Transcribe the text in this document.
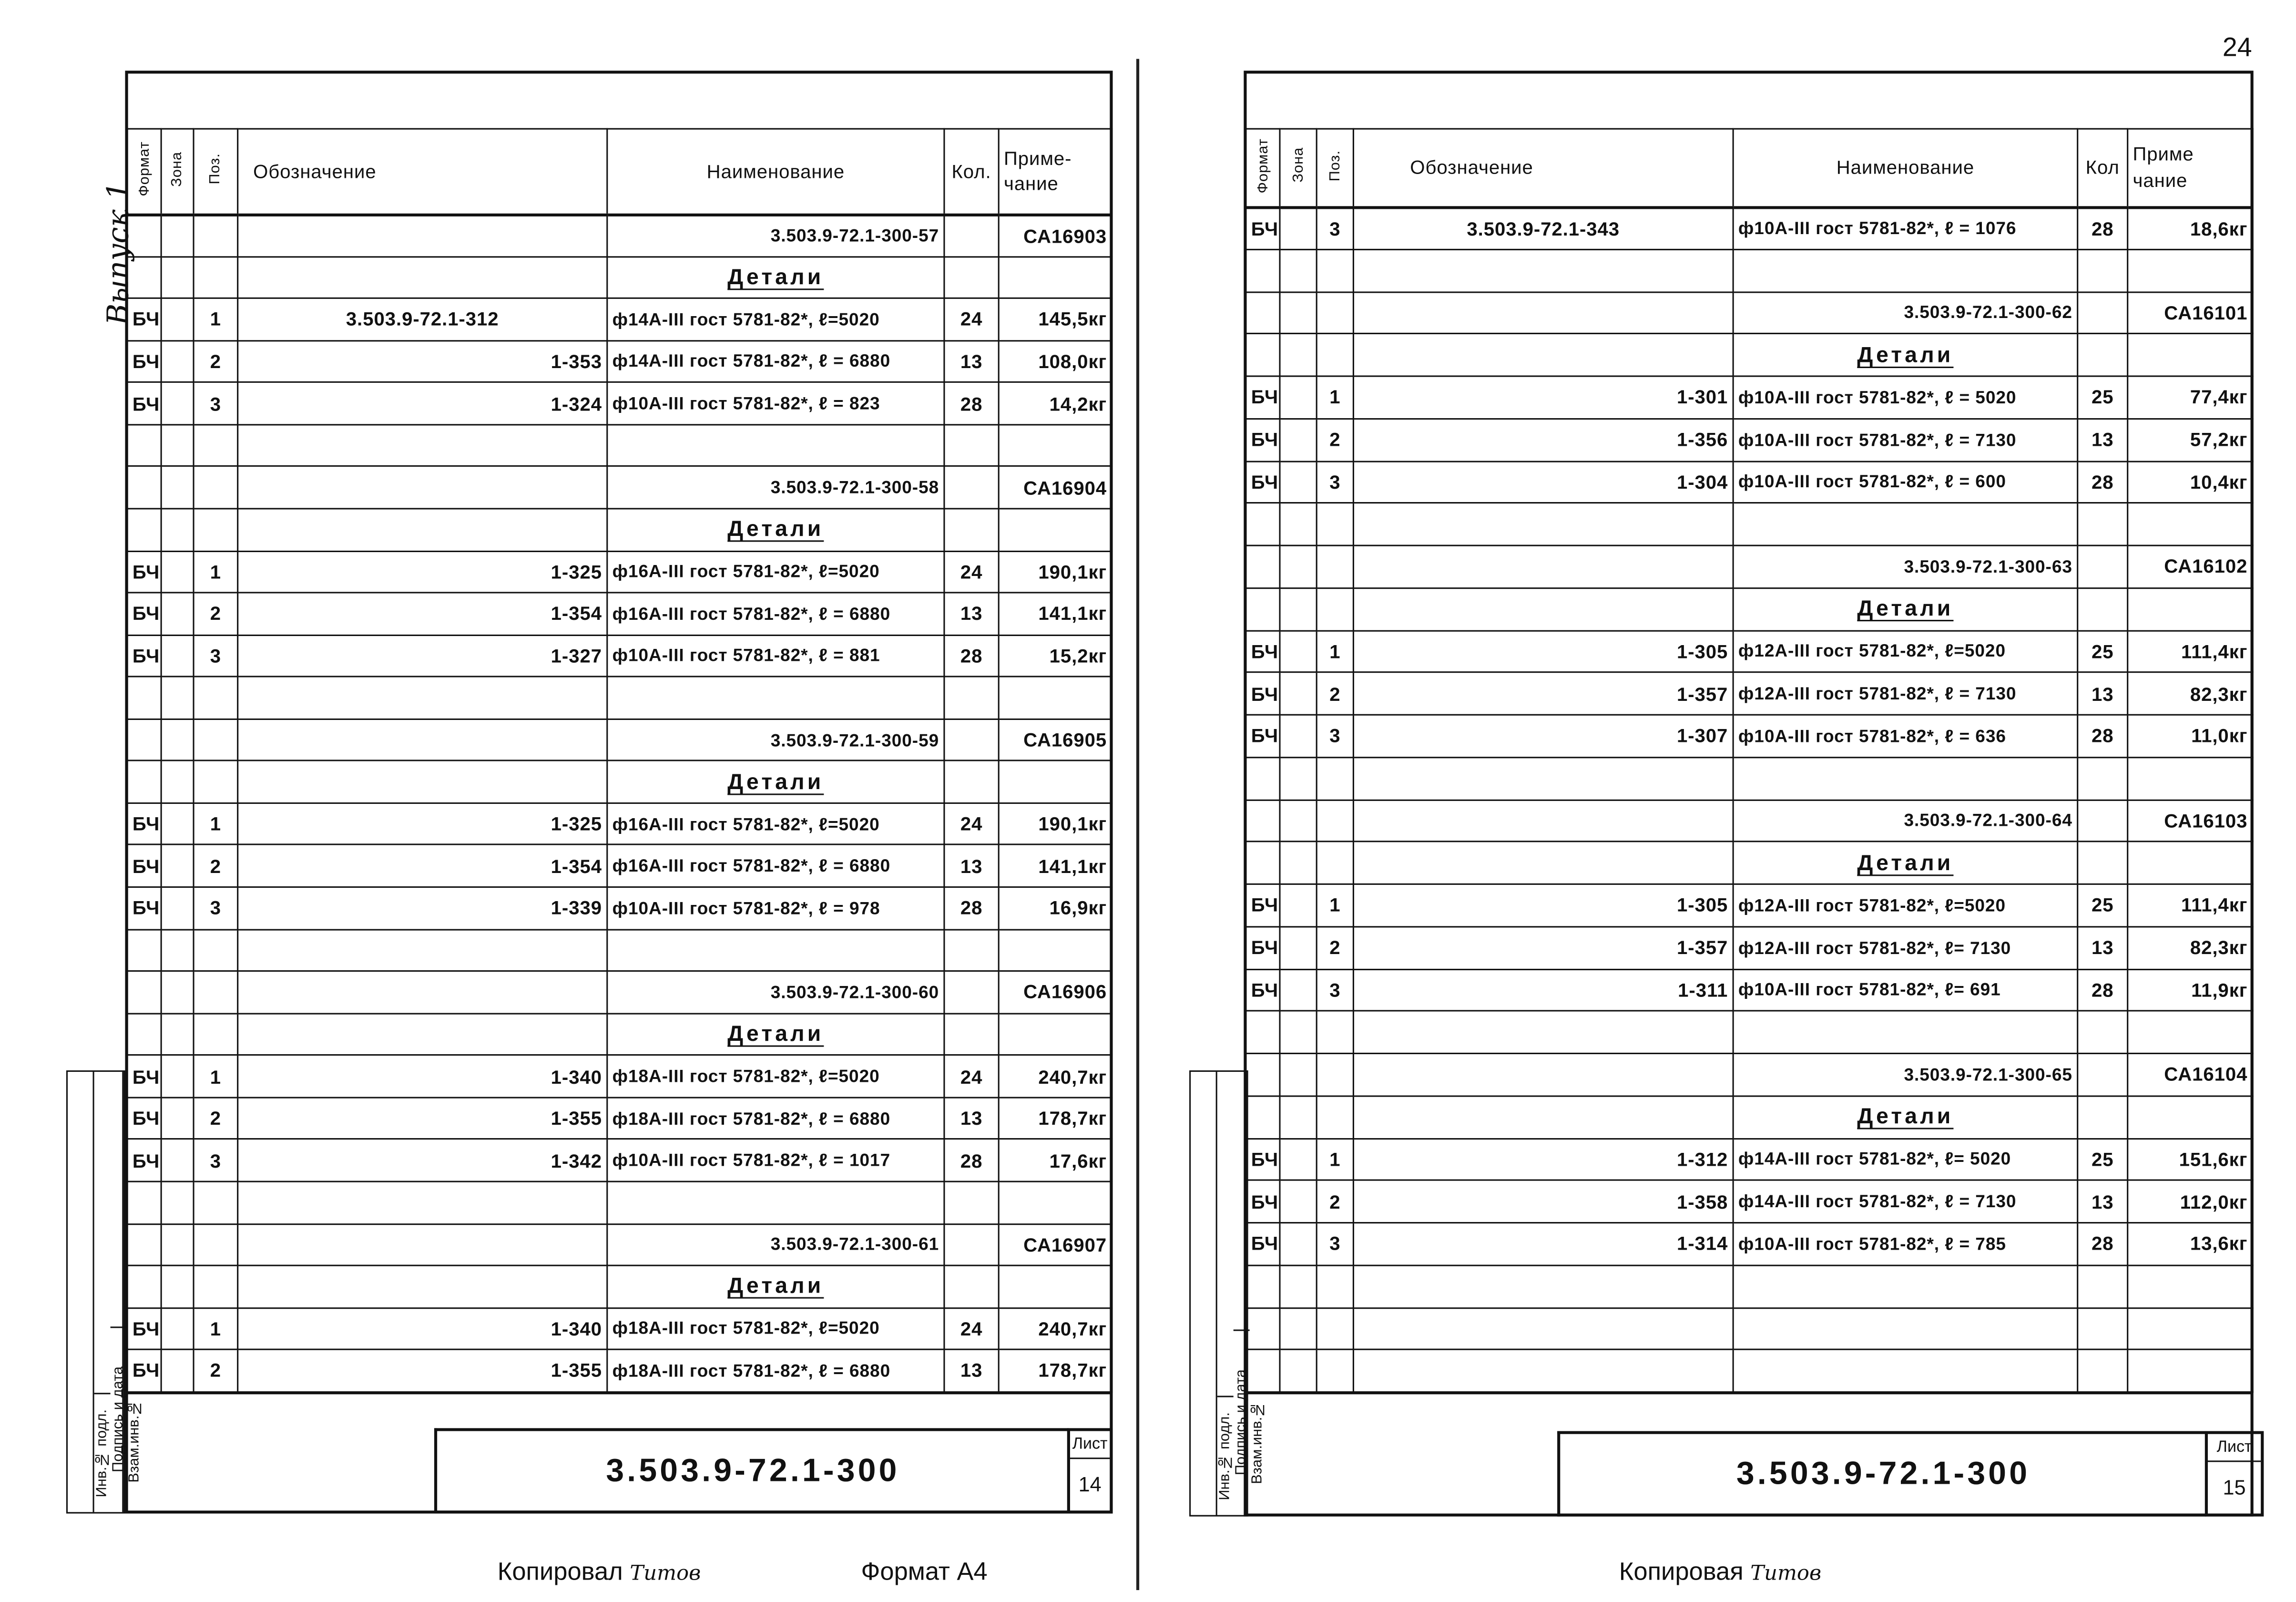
24
Выпуск 1
Формат	Зона	Поз.	Обозначение	Наименование	Кол.	Приме-чание
				3.503.9-72.1-300-57		СА16903
				Детали		
БЧ		1	3.503.9-72.1-312	ф14А-III гост 5781-82*, ℓ=5020	24	145,5кг
БЧ		2	1-353	ф14А-III гост 5781-82*, ℓ = 6880	13	108,0кг
БЧ		3	1-324	ф10А-III гост 5781-82*, ℓ = 823	28	14,2кг

				3.503.9-72.1-300-58		СА16904
				Детали		
БЧ		1	1-325	ф16А-III гост 5781-82*, ℓ=5020	24	190,1кг
БЧ		2	1-354	ф16А-III гост 5781-82*, ℓ = 6880	13	141,1кг
БЧ		3	1-327	ф10А-III гост 5781-82*, ℓ = 881	28	15,2кг

				3.503.9-72.1-300-59		СА16905
				Детали		
БЧ		1	1-325	ф16А-III гост 5781-82*, ℓ=5020	24	190,1кг
БЧ		2	1-354	ф16А-III гост 5781-82*, ℓ = 6880	13	141,1кг
БЧ		3	1-339	ф10А-III гост 5781-82*, ℓ = 978	28	16,9кг

				3.503.9-72.1-300-60		СА16906
				Детали		
БЧ		1	1-340	ф18А-III гост 5781-82*, ℓ=5020	24	240,7кг
БЧ		2	1-355	ф18А-III гост 5781-82*, ℓ = 6880	13	178,7кг
БЧ		3	1-342	ф10А-III гост 5781-82*, ℓ = 1017	28	17,6кг

				3.503.9-72.1-300-61		СА16907
				Детали		
БЧ		1	1-340	ф18А-III гост 5781-82*, ℓ=5020	24	240,7кг
БЧ		2	1-355	ф18А-III гост 5781-82*, ℓ = 6880	13	178,7кг
3.503.9-72.1-300
Лист
14
Инв.№ подл. Подпись и дата Взам.инв.№
Копировал Титов	Формат А4
Формат	Зона	Поз.	Обозначение	Наименование	Кол	Приме чание
БЧ		3	3.503.9-72.1-343	ф10А-III гост 5781-82*, ℓ = 1076	28	18,6кг

				3.503.9-72.1-300-62		СА16101
				Детали		
БЧ		1	1-301	ф10А-III гост 5781-82*, ℓ = 5020	25	77,4кг
БЧ		2	1-356	ф10А-III гост 5781-82*, ℓ = 7130	13	57,2кг
БЧ		3	1-304	ф10А-III гост 5781-82*, ℓ = 600	28	10,4кг

				3.503.9-72.1-300-63		СА16102
				Детали		
БЧ		1	1-305	ф12А-III гост 5781-82*, ℓ=5020	25	111,4кг
БЧ		2	1-357	ф12А-III гост 5781-82*, ℓ = 7130	13	82,3кг
БЧ		3	1-307	ф10А-III гост 5781-82*, ℓ = 636	28	11,0кг

				3.503.9-72.1-300-64		СА16103
				Детали		
БЧ		1	1-305	ф12А-III гост 5781-82*, ℓ=5020	25	111,4кг
БЧ		2	1-357	ф12А-III гост 5781-82*, ℓ= 7130	13	82,3кг
БЧ		3	1-311	ф10А-III гост 5781-82*, ℓ= 691	28	11,9кг

				3.503.9-72.1-300-65		СА16104
				Детали		
БЧ		1	1-312	ф14А-III гост 5781-82*, ℓ= 5020	25	151,6кг
БЧ		2	1-358	ф14А-III гост 5781-82*, ℓ = 7130	13	112,0кг
БЧ		3	1-314	ф10А-III гост 5781-82*, ℓ = 785	28	13,6кг

3.503.9-72.1-300
Лист
15
Инв.№ подл. Подпись и дата Взам.инв.№
Копировая Титов
